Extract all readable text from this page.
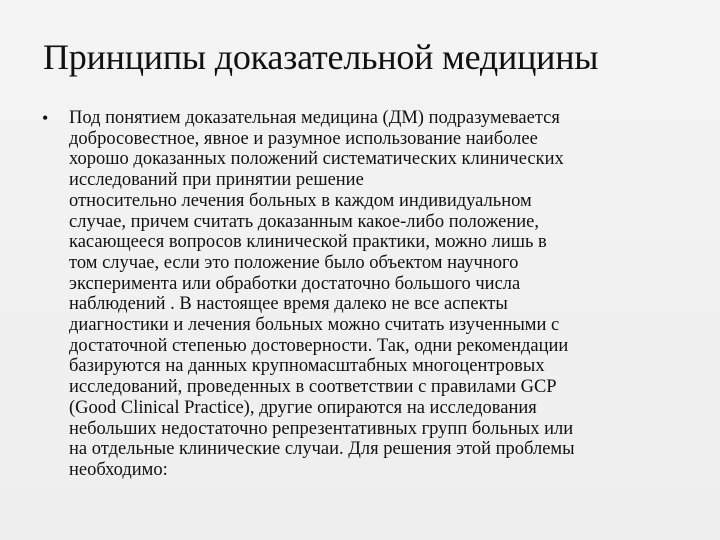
Принципы доказательной медицины
• Под понятием доказательная медицина (ДМ) подразумевается
добросовестное, явное и разумное использование наиболее
хорошо доказанных положений систематических клинических
исследований при принятии решение
относительно лечения больных в каждом индивидуальном
случае, причем считать доказанным какое-либо положение,
касающееся вопросов клинической практики, можно лишь в
том случае, если это положение было объектом научного
эксперимента или обработки достаточно большого числа
наблюдений . В настоящее время далеко не все аспекты
диагностики и лечения больных можно считать изученными с
достаточной степенью достоверности. Так, одни рекомендации
базируются на данных крупномасштабных многоцентровых
исследований, проведенных в соответствии с правилами GCP
(Good Clinical Practice), другие опираются на исследования
небольших недостаточно репрезентативных групп больных или
на отдельные клинические случаи. Для решения этой проблемы
необходимо:
